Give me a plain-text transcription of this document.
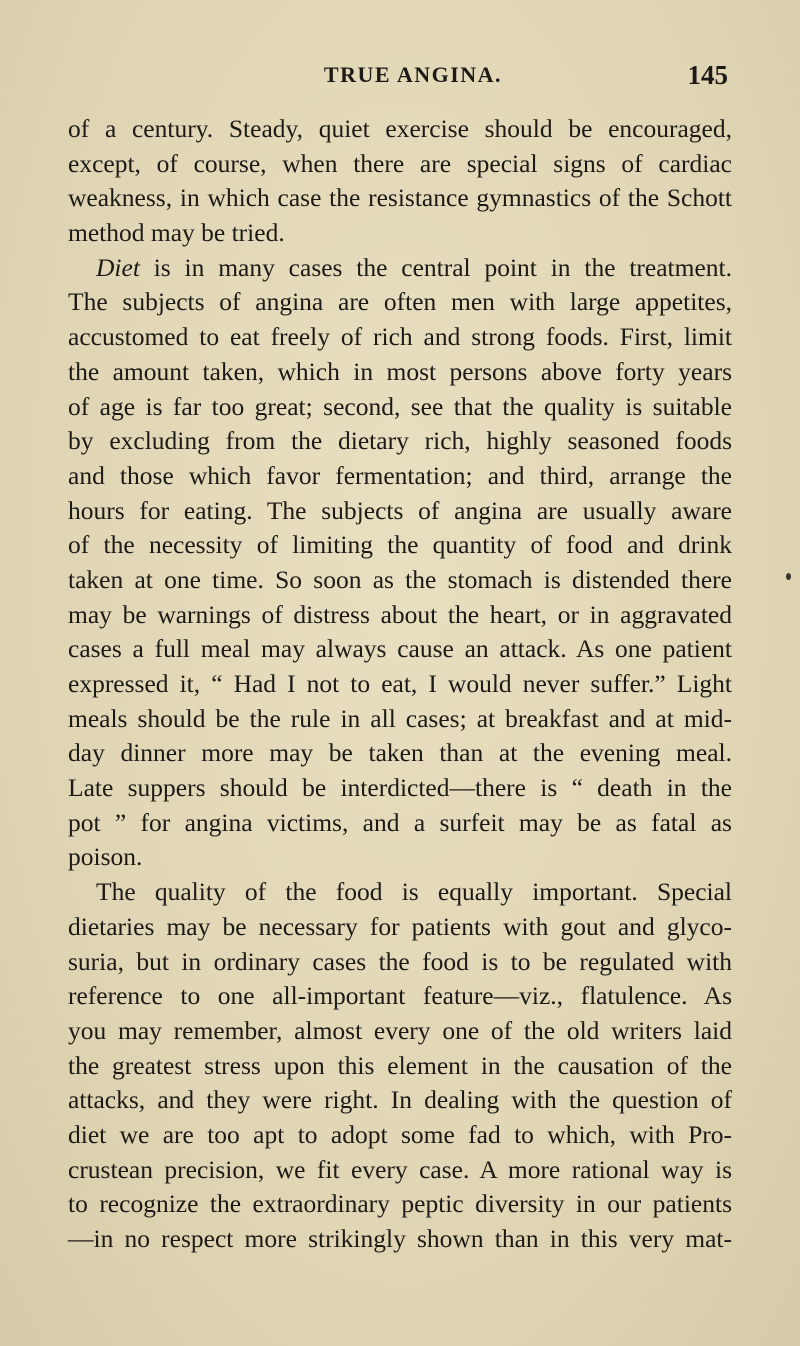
TRUE ANGINA.	145
of a century. Steady, quiet exercise should be encouraged,
except, of course, when there are special signs of cardiac
weakness, in which case the resistance gymnastics of the Schott
method may be tried.
Diet is in many cases the central point in the treatment.
The subjects of angina are often men with large appetites,
accustomed to eat freely of rich and strong foods. First, limit
the amount taken, which in most persons above forty years
of age is far too great; second, see that the quality is suitable
by excluding from the dietary rich, highly seasoned foods
and those which favor fermentation; and third, arrange the
hours for eating. The subjects of angina are usually aware
of the necessity of limiting the quantity of food and drink
taken at one time. So soon as the stomach is distended there
may be warnings of distress about the heart, or in aggravated
cases a full meal may always cause an attack. As one patient
expressed it, “ Had I not to eat, I would never suffer.” Light
meals should be the rule in all cases; at breakfast and at mid-
day dinner more may be taken than at the evening meal.
Late suppers should be interdicted—there is “ death in the
pot ” for angina victims, and a surfeit may be as fatal as
poison.
The quality of the food is equally important. Special
dietaries may be necessary for patients with gout and glyco-
suria, but in ordinary cases the food is to be regulated with
reference to one all-important feature—viz., flatulence. As
you may remember, almost every one of the old writers laid
the greatest stress upon this element in the causation of the
attacks, and they were right. In dealing with the question of
diet we are too apt to adopt some fad to which, with Pro-
crustean precision, we fit every case. A more rational way is
to recognize the extraordinary peptic diversity in our patients
—in no respect more strikingly shown than in this very mat-
